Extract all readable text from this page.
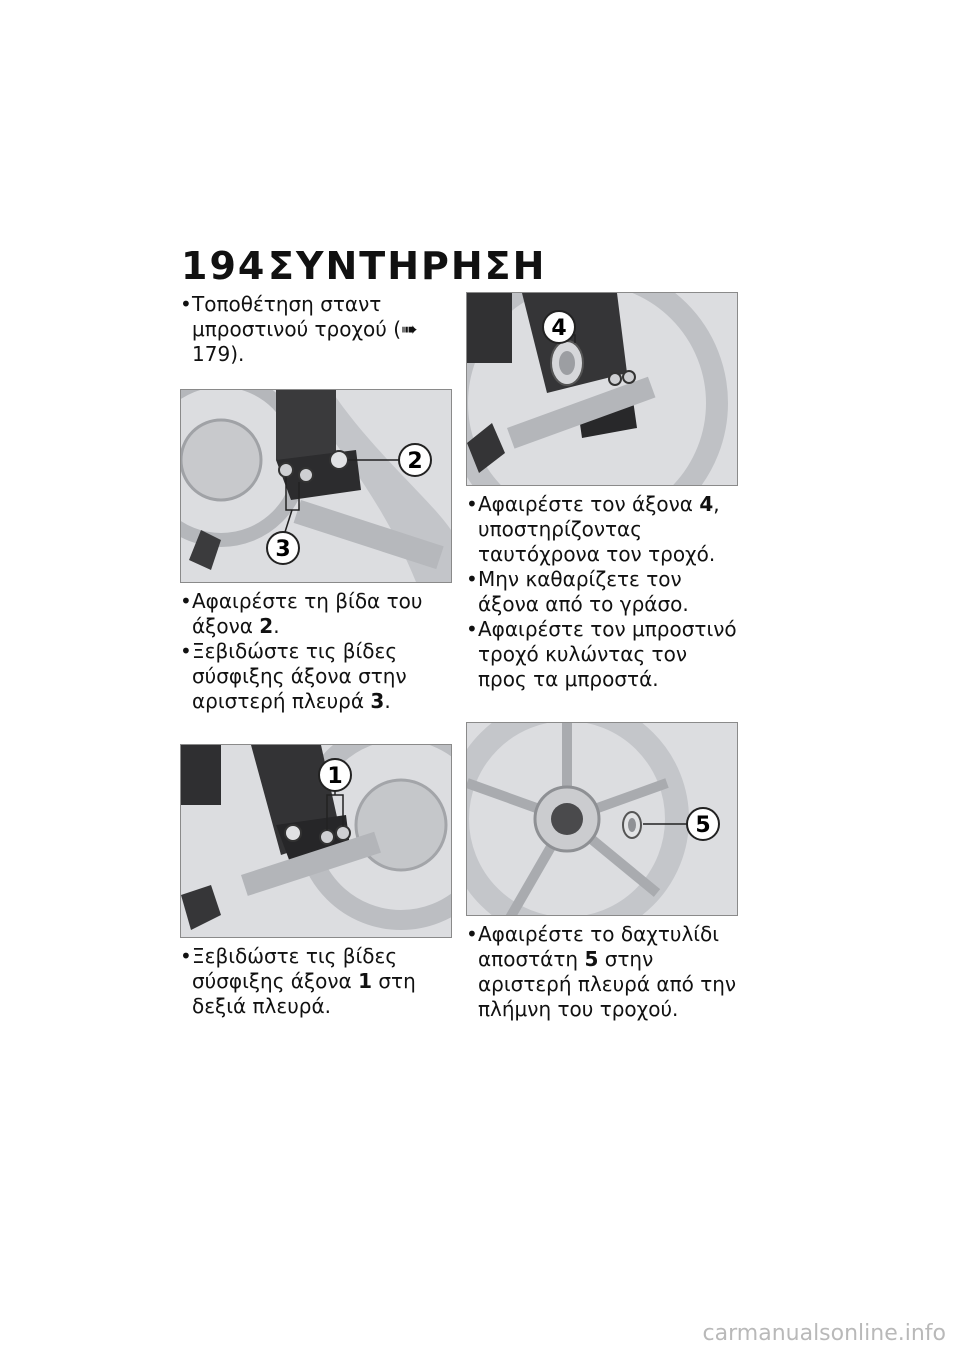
194ΣΥΝΤΗΡΗΣΗ

• Τοποθέτηση σταντ μπροστινού τροχού (➠ 179).

2
3

• Αφαιρέστε τη βίδα του άξονα 2.

• Ξεβιδώστε τις βίδες σύσφιξης άξονα στην αριστερή πλευρά 3.

1

• Ξεβιδώστε τις βίδες σύσφιξης άξονα 1 στη δεξιά πλευρά.

4

• Αφαιρέστε τον άξονα 4, υποστηρίζοντας ταυτόχρονα τον τροχό.

• Μην καθαρίζετε τον άξονα από το γράσο.

• Αφαιρέστε τον μπροστινό τροχό κυλώντας τον προς τα μπροστά.

5

• Αφαιρέστε το δαχτυλίδι αποστάτη 5 στην αριστερή πλευρά από την πλήμνη του τροχού.

carmanualsonline.info
